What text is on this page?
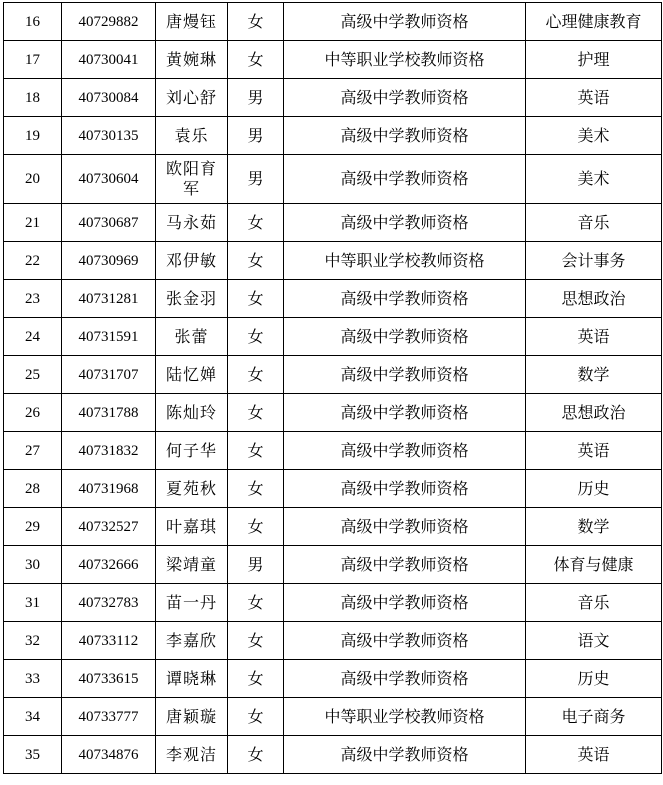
16	40729882	唐熳钰	女	高级中学教师资格	心理健康教育
17	40730041	黄婉琳	女	中等职业学校教师资格	护理
18	40730084	刘心舒	男	高级中学教师资格	英语
19	40730135	袁乐	男	高级中学教师资格	美术
20	40730604	欧阳育军	男	高级中学教师资格	美术
21	40730687	马永茹	女	高级中学教师资格	音乐
22	40730969	邓伊敏	女	中等职业学校教师资格	会计事务
23	40731281	张金羽	女	高级中学教师资格	思想政治
24	40731591	张蕾	女	高级中学教师资格	英语
25	40731707	陆忆婵	女	高级中学教师资格	数学
26	40731788	陈灿玲	女	高级中学教师资格	思想政治
27	40731832	何子华	女	高级中学教师资格	英语
28	40731968	夏苑秋	女	高级中学教师资格	历史
29	40732527	叶嘉琪	女	高级中学教师资格	数学
30	40732666	梁靖童	男	高级中学教师资格	体育与健康
31	40732783	苗一丹	女	高级中学教师资格	音乐
32	40733112	李嘉欣	女	高级中学教师资格	语文
33	40733615	谭晓琳	女	高级中学教师资格	历史
34	40733777	唐颖璇	女	中等职业学校教师资格	电子商务
35	40734876	李观洁	女	高级中学教师资格	英语
